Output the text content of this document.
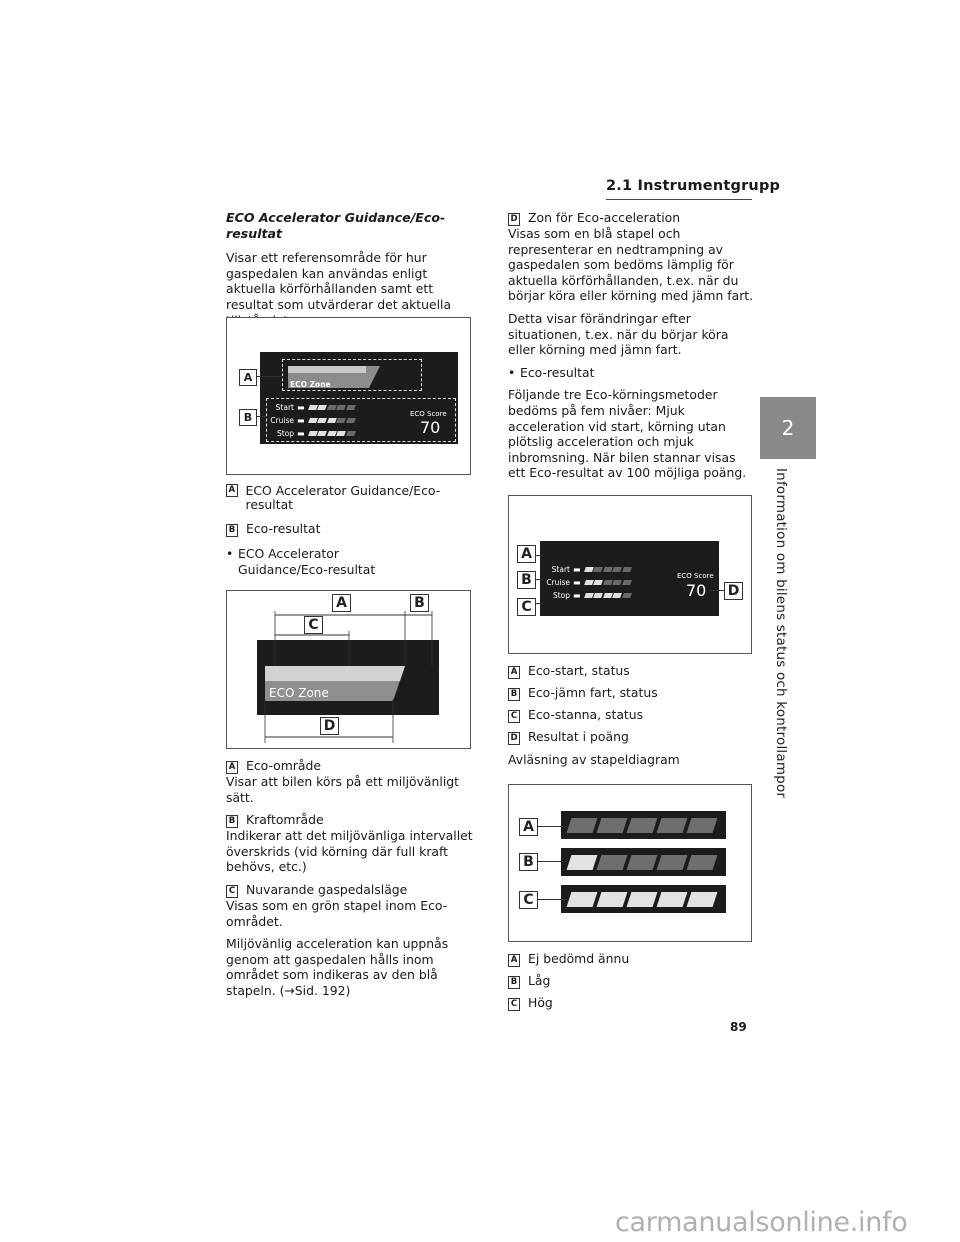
2.1 Instrumentgrupp
2
Information om bilens status och kontrollampor

ECO Accelerator Guidance/Eco-resultat

Visar ett referensområde för hur gaspedalen kan användas enligt aktuella körförhållanden samt ett resultat som utvärderar det aktuella

ECO Zone
Start ▬
Cruise ▬
Stop ▬
ECO Score
70
A
B

A ECO Accelerator Guidance/Eco-resultat

B Eco-resultat

• ECO Accelerator Guidance/Eco-resultat

ECO Zone
A	B
C
D

A Eco-område

Visar att bilen körs på ett miljövänligt sätt.

B Kraftområde

Indikerar att det miljövänliga intervallet överskrids (vid körning där full kraft behövs, etc.)

C Nuvarande gaspedalsläge

Visas som en grön stapel inom Eco-området.

Miljövänlig acceleration kan uppnås genom att gaspedalen hålls inom området som indikeras av den blå stapeln. (→Sid. 192)

D Zon för Eco-acceleration

Visas som en blå stapel och representerar en nedtrampning av gaspedalen som bedöms lämplig för aktuella körförhållanden, t.ex. när du börjar köra eller körning med jämn fart.

Detta visar förändringar efter situationen, t.ex. när du börjar köra eller körning med jämn fart.

• Eco-resultat

Följande tre Eco-körningsmetoder bedöms på fem nivåer: Mjuk acceleration vid start, körning utan plötslig acceleration och mjuk inbromsning. När bilen stannar visas ett Eco-resultat av 100 möjliga poäng.

Start ▬
Cruise ▬
Stop ▬
ECO Score
70
A
B
C
D

A Eco-start, status

B Eco-jämn fart, status

C Eco-stanna, status

D Resultat i poäng

Avläsning av stapeldiagram

A
B
C

A Ej bedömd ännu

B Låg

C Hög

89
carmanualsonline.info
